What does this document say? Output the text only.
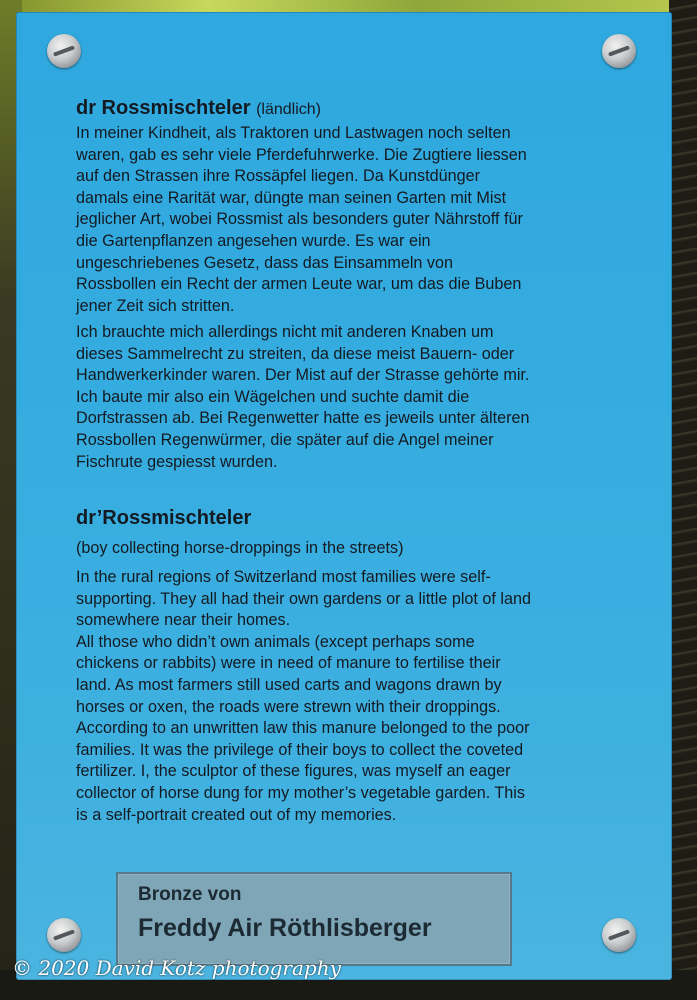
dr Rossmischteler (ländlich)
In meiner Kindheit, als Traktoren und Lastwagen noch selten
waren, gab es sehr viele Pferdefuhrwerke. Die Zugtiere liessen
auf den Strassen ihre Rossäpfel liegen. Da Kunstdünger
damals eine Rarität war, düngte man seinen Garten mit Mist
jeglicher Art, wobei Rossmist als besonders guter Nährstoff für
die Gartenpflanzen angesehen wurde. Es war ein
ungeschriebenes Gesetz, dass das Einsammeln von
Rossbollen ein Recht der armen Leute war, um das die Buben
jener Zeit sich stritten.
Ich brauchte mich allerdings nicht mit anderen Knaben um
dieses Sammelrecht zu streiten, da diese meist Bauern- oder
Handwerkerkinder waren. Der Mist auf der Strasse gehörte mir.
Ich baute mir also ein Wägelchen und suchte damit die
Dorfstrassen ab. Bei Regenwetter hatte es jeweils unter älteren
Rossbollen Regenwürmer, die später auf die Angel meiner
Fischrute gespiesst wurden.
dr’Rossmischteler
(boy collecting horse-droppings in the streets)
In the rural regions of Switzerland most families were self-
supporting. They all had their own gardens or a little plot of land
somewhere near their homes.
All those who didn’t own animals (except perhaps some
chickens or rabbits) were in need of manure to fertilise their
land. As most farmers still used carts and wagons drawn by
horses or oxen, the roads were strewn with their droppings.
According to an unwritten law this manure belonged to the poor
families. It was the privilege of their boys to collect the coveted
fertilizer. I, the sculptor of these figures, was myself an eager
collector of horse dung for my mother’s vegetable garden. This
is a self-portrait created out of my memories.
Bronze von
Freddy Air Röthlisberger
© 2020 David Kotz photography
